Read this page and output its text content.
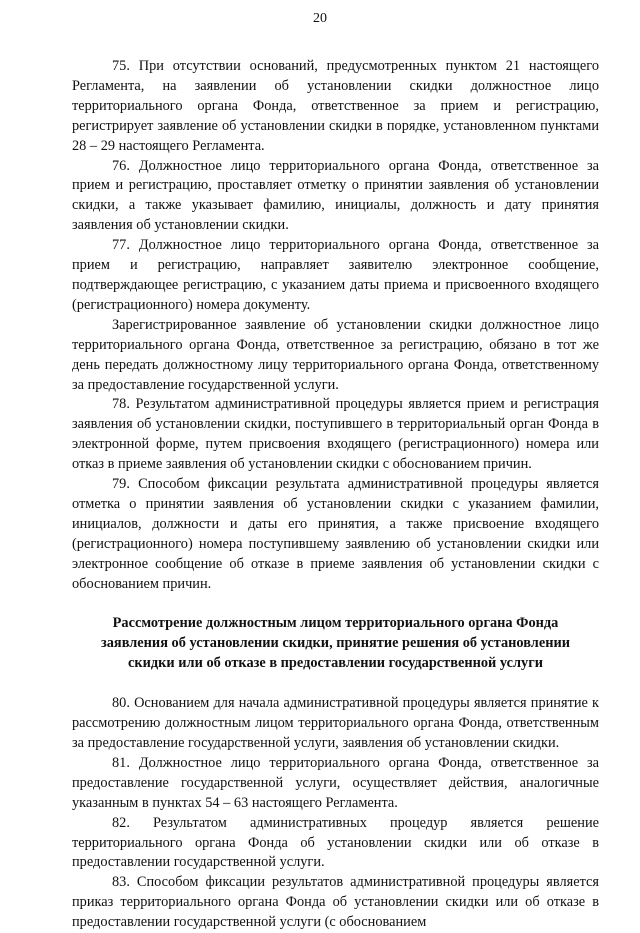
20

75. При отсутствии оснований, предусмотренных пунктом 21 настоящего Регламента, на заявлении об установлении скидки должностное лицо территориального органа Фонда, ответственное за прием и регистрацию, регистрирует заявление об установлении скидки в порядке, установленном пунктами 28 – 29 настоящего Регламента.

76. Должностное лицо территориального органа Фонда, ответственное за прием и регистрацию, проставляет отметку о принятии заявления об установлении скидки, а также указывает фамилию, инициалы, должность и дату принятия заявления об установлении скидки.

77. Должностное лицо территориального органа Фонда, ответственное за прием и регистрацию, направляет заявителю электронное сообщение, подтверждающее регистрацию, с указанием даты приема и присвоенного входящего (регистрационного) номера документу.

Зарегистрированное заявление об установлении скидки должностное лицо территориального органа Фонда, ответственное за регистрацию, обязано в тот же день передать должностному лицу территориального органа Фонда, ответственному за предоставление государственной услуги.

78. Результатом административной процедуры является прием и регистрация заявления об установлении скидки, поступившего в территориальный орган Фонда в электронной форме, путем присвоения входящего (регистрационного) номера или отказ в приеме заявления об установлении скидки с обоснованием причин.

79. Способом фиксации результата административной процедуры является отметка о принятии заявления об установлении скидки с указанием фамилии, инициалов, должности и даты его принятия, а также присвоение входящего (регистрационного) номера поступившему заявлению об установлении скидки или электронное сообщение об отказе в приеме заявления об установлении скидки с обоснованием причин.

Рассмотрение должностным лицом территориального органа Фонда заявления об установлении скидки, принятие решения об установлении скидки или об отказе в предоставлении государственной услуги

80. Основанием для начала административной процедуры является принятие к рассмотрению должностным лицом территориального органа Фонда, ответственным за предоставление государственной услуги, заявления об установлении скидки.

81. Должностное лицо территориального органа Фонда, ответственное за предоставление государственной услуги, осуществляет действия, аналогичные указанным в пунктах 54 – 63 настоящего Регламента.

82. Результатом административных процедур является решение территориального органа Фонда об установлении скидки или об отказе в предоставлении государственной услуги.

83. Способом фиксации результатов административной процедуры является приказ территориального органа Фонда об установлении скидки или об отказе в предоставлении государственной услуги (с обоснованием
